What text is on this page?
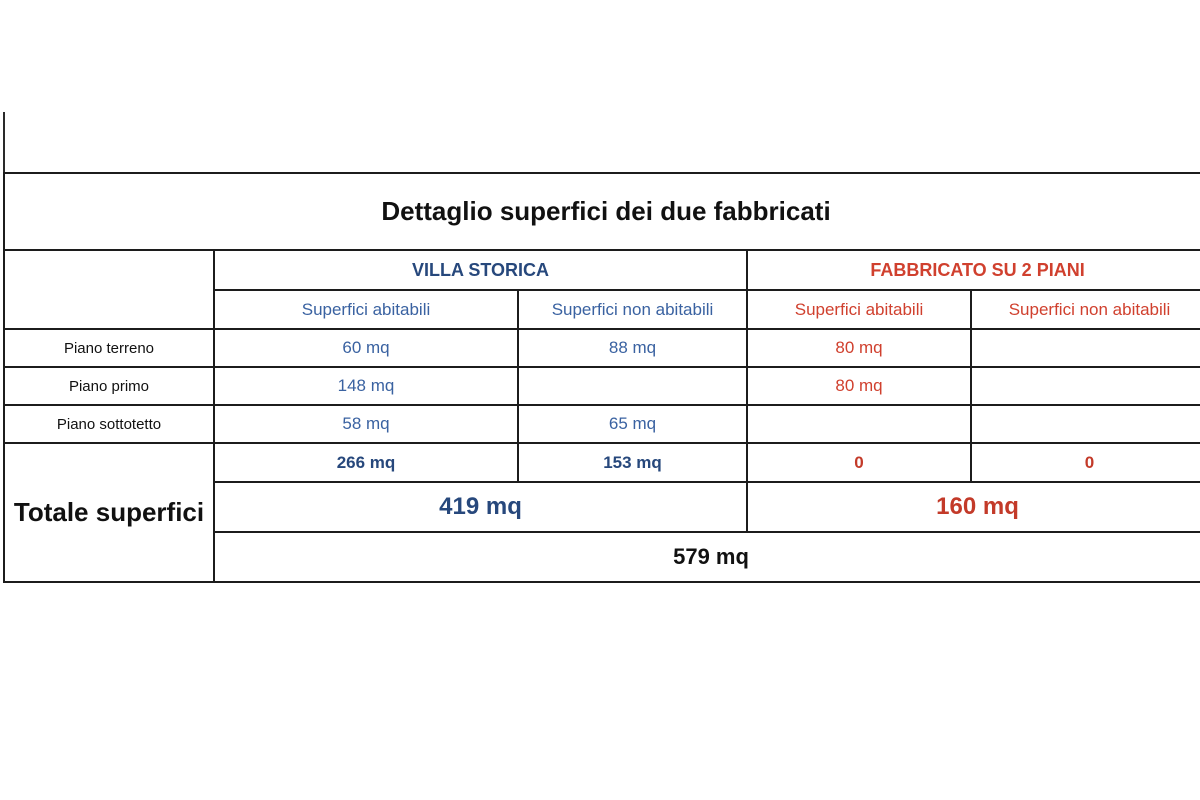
Dettaglio superfici dei due fabbricati				
	VILLA STORICA		FABBRICATO SU 2 PIANI	
	Superfici abitabili	Superfici non abitabili	Superfici abitabili	Superfici non abitabili
Piano terreno	60 mq	88 mq	80 mq	
Piano primo	148 mq		80 mq	
Piano sottotetto	58 mq	65 mq		
Totale superfici	266 mq	153 mq	0	0
	419 mq		160 mq	
	579 mq			
